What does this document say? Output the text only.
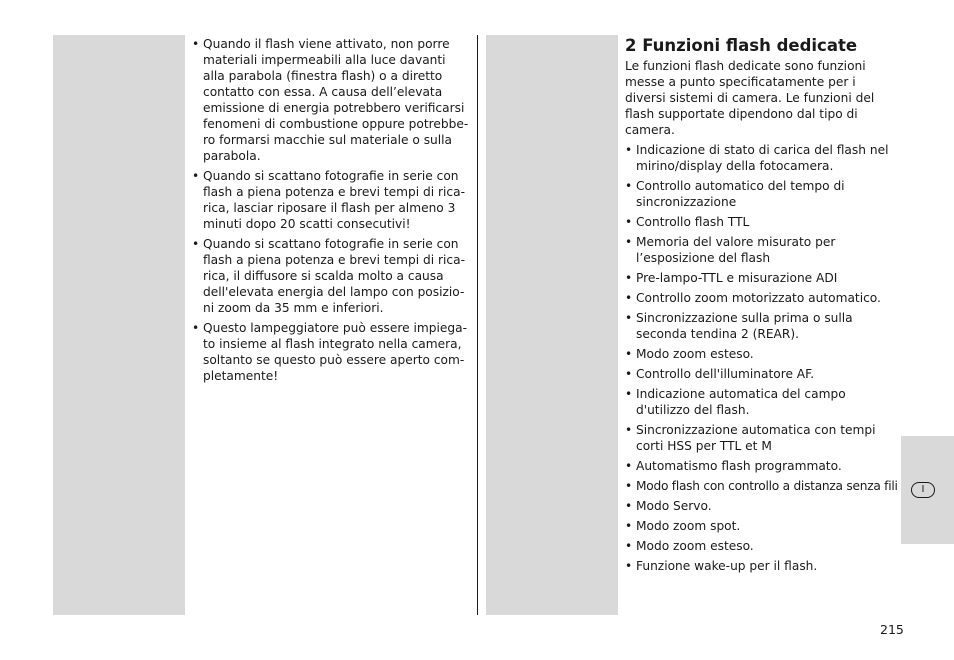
• Quando il flash viene attivato, non porre materiali impermeabili alla luce davanti alla parabola (finestra flash) o a diretto contatto con essa. A causa dell’elevata emissione di energia potrebbero verificarsi fenomeni di combustione oppure potrebbe-ro formarsi macchie sul materiale o sulla parabola.
• Quando si scattano fotografie in serie con flash a piena potenza e brevi tempi di rica-rica, lasciar riposare il flash per almeno 3 minuti dopo 20 scatti consecutivi!
• Quando si scattano fotografie in serie con flash a piena potenza e brevi tempi di rica-rica, il diffusore si scalda molto a causa dell'elevata energia del lampo con posizio-ni zoom da 35 mm e inferiori.
• Questo lampeggiatore può essere impiega-to insieme al flash integrato nella camera, soltanto se questo può essere aperto com-pletamente!
2 Funzioni flash dedicate

Le funzioni flash dedicate sono funzioni messe a punto specificatamente per i diversi sistemi di camera. Le funzioni del flash supportate dipendono dal tipo di camera.

• Indicazione di stato di carica del flash nel mirino/display della fotocamera.
• Controllo automatico del tempo di sincronizzazione
• Controllo flash TTL
• Memoria del valore misurato per l’esposizione del flash
• Pre-lampo-TTL e misurazione ADI
• Controllo zoom motorizzato automatico.
• Sincronizzazione sulla prima o sulla seconda tendina 2 (REAR).
• Modo zoom esteso.
• Controllo dell'illuminatore AF.
• Indicazione automatica del campo d'utilizzo del flash.
• Sincronizzazione automatica con tempi corti HSS per TTL et M
• Automatismo flash programmato.
• Modo flash con controllo a distanza senza fili
• Modo Servo.
• Modo zoom spot.
• Modo zoom esteso.
• Funzione wake-up per il flash.
I
215
